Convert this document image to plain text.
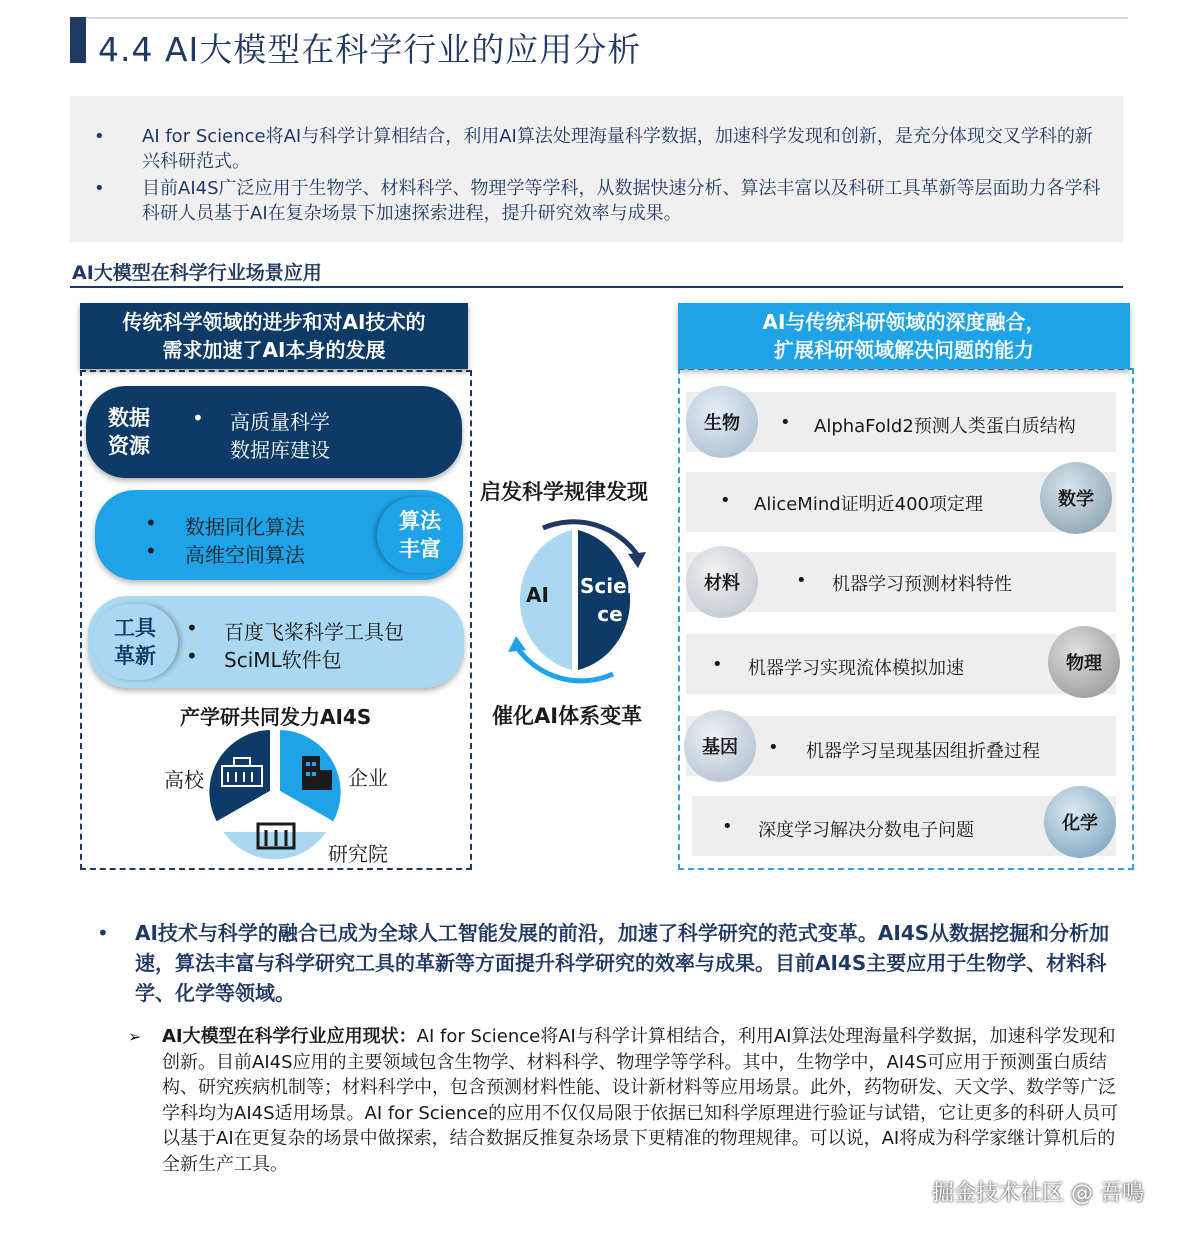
4.4 AI大模型在科学行业的应用分析
• AI for Science将AI与科学计算相结合，利用AI算法处理海量科学数据，加速科学发现和创新，是充分体现交叉学科的新兴科研范式。
• 目前AI4S广泛应用于生物学、材料科学、物理学等学科，从数据快速分析、算法丰富以及科研工具革新等层面助力各学科科研人员基于AI在复杂场景下加速探索进程，提升研究效率与成果。
AI大模型在科学行业场景应用
传统科学领域的进步和对AI技术的
需求加速了AI本身的发展
数据
资源
• 高质量科学
数据库建设
• 数据同化算法
• 高维空间算法
算法
丰富
工具
革新
• 百度飞桨科学工具包
• SciML软件包
产学研共同发力AI4S
高校	企业
研究院
启发科学规律发现
AI Scien
ce
催化AI体系变革
AI与传统科研领域的深度融合，
扩展科研领域解决问题的能力
生物 • AlphaFold2预测人类蛋白质结构
数学
• AliceMind证明近400项定理
材料	• 机器学习预测材料特性
物理
• 机器学习实现流体模拟加速
基因 • 机器学习呈现基因组折叠过程
化学
• 深度学习解决分数电子问题
• AI技术与科学的融合已成为全球人工智能发展的前沿，加速了科学研究的范式变革。AI4S从数据挖掘和分析加速，算法丰富与科学研究工具的革新等方面提升科学研究的效率与成果。目前AI4S主要应用于生物学、材料科学、化学等领域。
➢ AI大模型在科学行业应用现状：AI for Science将AI与科学计算相结合，利用AI算法处理海量科学数据，加速科学发现和创新。目前AI4S应用的主要领域包含生物学、材料科学、物理学等学科。其中，生物学中，AI4S可应用于预测蛋白质结构、研究疾病机制等；材料科学中，包含预测材料性能、设计新材料等应用场景。此外，药物研发、天文学、数学等广泛学科均为AI4S适用场景。AI for Science的应用不仅仅局限于依据已知科学原理进行验证与试错，它让更多的科研人员可以基于AI在更复杂的场景中做探索，结合数据反推复杂场景下更精准的物理规律。可以说，AI将成为科学家继计算机后的全新生产工具。
掘金技术社区 @ 吾鳴
